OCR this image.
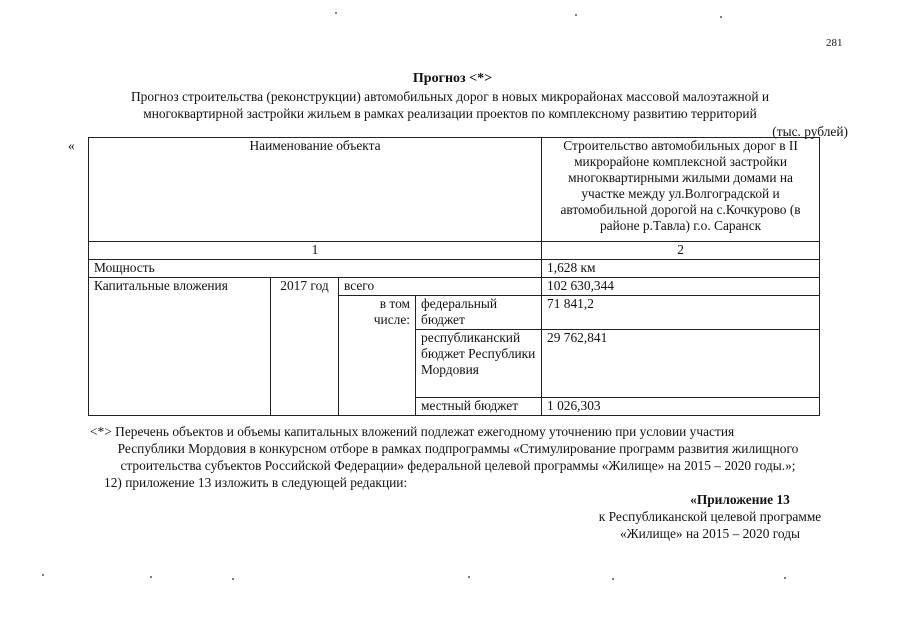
281
Прогноз <*>
Прогноз строительства (реконструкции) автомобильных дорог в новых микрорайонах массовой малоэтажной и
многоквартирной застройки жильем в рамках реализации проектов по комплексному развитию территорий
(тыс. рублей)
«	Наименование объекта				Строительство автомобильных дорог в II микрорайоне комплексной застройки многоквартирными жилыми домами на участке между ул.Волгоградской и автомобильной дорогой на с.Кочкурово (в районе р.Тавла) г.о. Саранск
1				2
Мощность				1,628 км
Капитальные вложения	2017 год	всего		102 630,344
		в том числе:	федеральный бюджет	71 841,2
			республиканский бюджет Республики Мордовия	29 762,841
			местный бюджет	1 026,303

<*> Перечень объектов и объемы капитальных вложений подлежат ежегодному уточнению при условии участия

Республики Мордовия в конкурсном отборе в рамках подпрограммы «Стимулирование программ развития жилищного

строительства субъектов Российской Федерации» федеральной целевой программы «Жилище» на 2015 – 2020 годы.»;

12) приложение 13 изложить в следующей редакции:

«Приложение 13
к Республиканской целевой программе
«Жилище» на 2015 – 2020 годы
